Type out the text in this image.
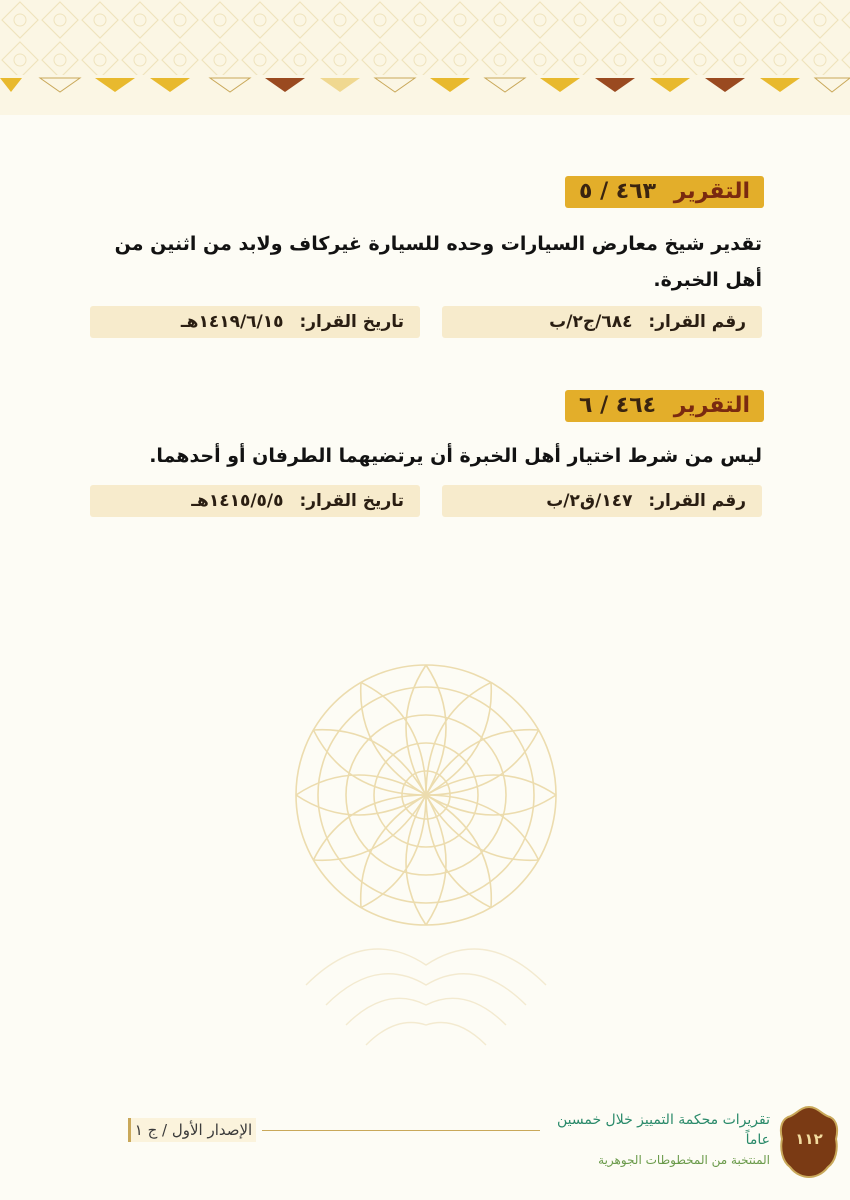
التقرير ٤٦٣ / ٥
تقدير شيخ معارض السيارات وحده للسيارة غيركاف ولابد من اثنين من أهل الخبرة.
رقم القرار: ٦٨٤/ج٢/ب
تاريخ القرار: ١٤١٩/٦/١٥هـ
التقرير ٤٦٤ / ٦
ليس من شرط اختيار أهل الخبرة أن يرتضيهما الطرفان أو أحدهما.
رقم القرار: ١٤٧/ق٢/ب
تاريخ القرار: ١٤١٥/٥/٥هـ
الإصدار الأول / ج ١
تقريرات محكمة التمييز خلال خمسين عاماً
المنتخبة من المخطوطات الجوهرية
١١٢
